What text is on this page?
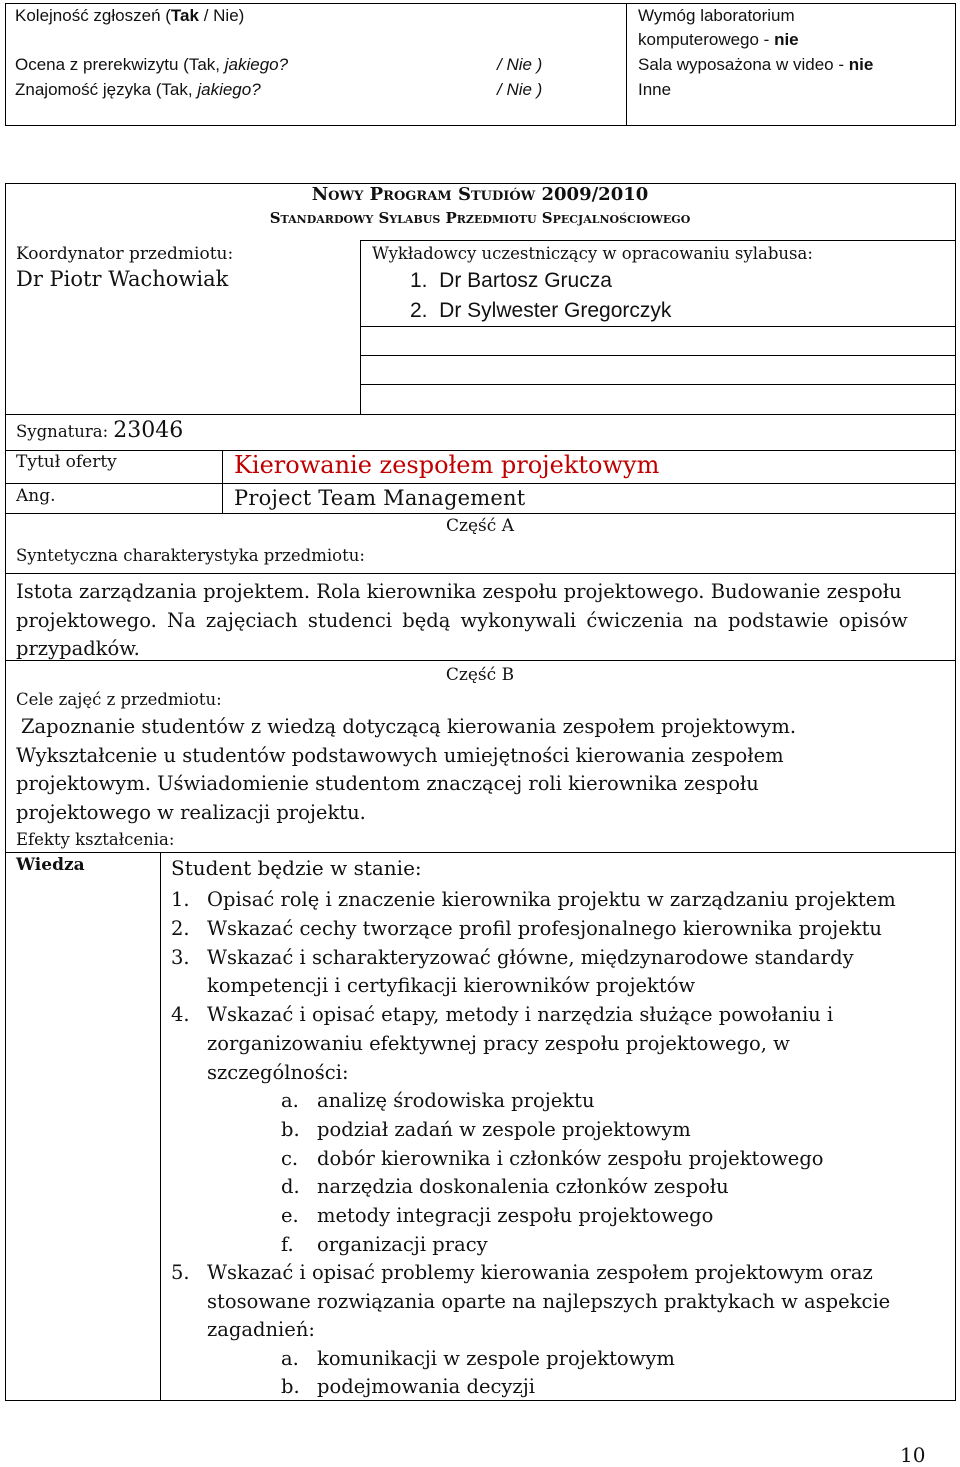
Kolejność zgłoszeń (Tak / Nie)
Ocena z prerekwizytu (Tak, jakiego?	/ Nie )
Znajomość języka (Tak, jakiego?	/ Nie )
Wymóg laboratorium
komputerowego - nie
Sala wyposażona w video - nie
Inne
Nowy Program Studiów 2009/2010
Standardowy Sylabus Przedmiotu Specjalnościowego
Koordynator przedmiotu:
Dr Piotr Wachowiak
Wykładowcy uczestniczący w opracowaniu sylabusa:
1.  Dr Bartosz Grucza
2.  Dr Sylwester Gregorczyk
Sygnatura: 23046
Tytuł oferty	Kierowanie zespołem projektowym
Ang.	Project Team Management
Część A
Syntetyczna charakterystyka przedmiotu:
Istota zarządzania projektem. Rola kierownika zespołu projektowego. Budowanie zespołu
projektowego. Na zajęciach studenci będą wykonywali ćwiczenia na podstawie opisów
przypadków.
Część B
Cele zajęć z przedmiotu:
Zapoznanie studentów z wiedzą dotyczącą kierowania zespołem projektowym.
Wykształcenie u studentów podstawowych umiejętności kierowania zespołem
projektowym. Uświadomienie studentom znaczącej roli kierownika zespołu
projektowego w realizacji projektu.
Efekty kształcenia:
Wiedza	Student będzie w stanie:
1. Opisać rolę i znaczenie kierownika projektu w zarządzaniu projektem
2. Wskazać cechy tworzące profil profesjonalnego kierownika projektu
3. Wskazać i scharakteryzować główne, międzynarodowe standardy
kompetencji i certyfikacji kierowników projektów
4. Wskazać i opisać etapy, metody i narzędzia służące powołaniu i
zorganizowaniu efektywnej pracy zespołu projektowego, w
szczególności:
a. analizę środowiska projektu
b. podział zadań w zespole projektowym
c. dobór kierownika i członków zespołu projektowego
d. narzędzia doskonalenia członków zespołu
e. metody integracji zespołu projektowego
f. organizacji pracy
5. Wskazać i opisać problemy kierowania zespołem projektowym oraz
stosowane rozwiązania oparte na najlepszych praktykach w aspekcie
zagadnień:
a. komunikacji w zespole projektowym
b. podejmowania decyzji
10
